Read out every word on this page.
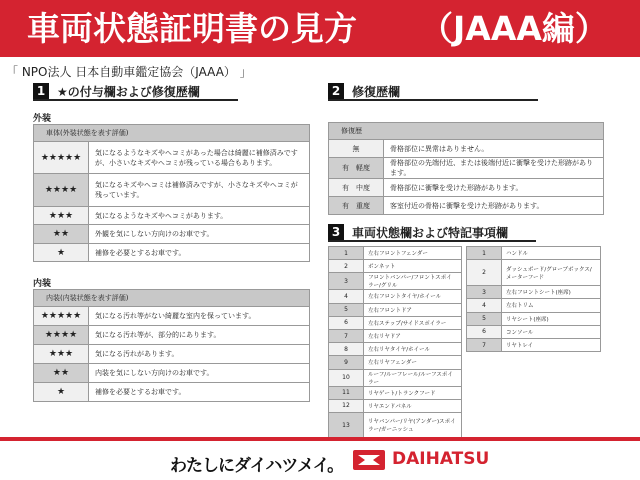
車両状態証明書の見方 （JAAA編）
「 NPO法人 日本自動車鑑定協会（JAAA） 」
1 ★の付与欄および修復歴欄	2 修復歴欄
外装
車体(外装状態を表す評価)	
★★★★★	気になるようなキズやヘコミがあった場合は綺麗に補修済みですが、小さいなキズやヘコミが残っている場合もあります。
★★★★	気になるキズやヘコミは補修済みですが、小さなキズやヘコミが残っています。
★★★	気になるようなキズやヘコミがあります。
★★	外観を気にしない方向けのお車です。
★	補修を必要とするお車です。
内装
内装(内装状態を表す評価)	
★★★★★	気になる汚れ等がない綺麗な室内を保っています。
★★★★	気になる汚れ等が、部分的にあります。
★★★	気になる汚れがあります。
★★	内装を気にしない方向けのお車です。
★	補修を必要とするお車です。
修復歴	
無	骨格部位に異常はありません。
有　軽度	骨格部位の先端付近、または後端付近に衝撃を受けた形跡があります。
有　中度	骨格部位に衝撃を受けた形跡があります。
有　重度	客室付近の骨格に衝撃を受けた形跡があります。
3 車両状態欄および特記事項欄
1	左右フロントフェンダー
2	ボンネット
3	フロントバンパー/フロントスポイラー/グリル
4	左右フロントタイヤ/ホイール
5	左右フロントドア
6	左右ステップ/サイドスポイラー
7	左右リヤドア
8	左右リヤタイヤ/ホイール
9	左右リヤフェンダー
10	ルーフ/ルーフレール/ルーフスポイラー
11	リヤゲート/トランクフード
12	リヤエンドパネル
13	リヤバンパー/リヤ(アンダー)スポイラー/ガーニッシュ
1	ハンドル
2	ダッシュボード/グローブボックス/メーターフード
3	左右フロントシート(座席)
4	左右トリム
5	リヤシート(座席)
6	コンソール
7	リヤトレイ
わたしにダイハツメイ。	DAIHATSU
